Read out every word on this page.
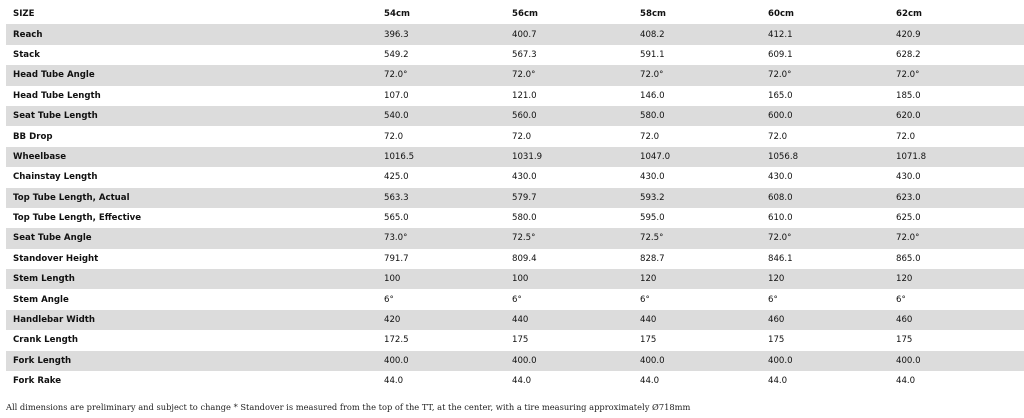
SIZE	54cm	56cm	58cm	60cm	62cm
Reach	396.3	400.7	408.2	412.1	420.9
Stack	549.2	567.3	591.1	609.1	628.2
Head Tube Angle	72.0°	72.0°	72.0°	72.0°	72.0°
Head Tube Length	107.0	121.0	146.0	165.0	185.0
Seat Tube Length	540.0	560.0	580.0	600.0	620.0
BB Drop	72.0	72.0	72.0	72.0	72.0
Wheelbase	1016.5	1031.9	1047.0	1056.8	1071.8
Chainstay Length	425.0	430.0	430.0	430.0	430.0
Top Tube Length, Actual	563.3	579.7	593.2	608.0	623.0
Top Tube Length, Effective	565.0	580.0	595.0	610.0	625.0
Seat Tube Angle	73.0°	72.5°	72.5°	72.0°	72.0°
Standover Height	791.7	809.4	828.7	846.1	865.0
Stem Length	100	100	120	120	120
Stem Angle	6°	6°	6°	6°	6°
Handlebar Width	420	440	440	460	460
Crank Length	172.5	175	175	175	175
Fork Length	400.0	400.0	400.0	400.0	400.0
Fork Rake	44.0	44.0	44.0	44.0	44.0
All dimensions are preliminary and subject to change * Standover is measured from the top of the TT, at the center, with a tire measuring approximately Ø718mm
